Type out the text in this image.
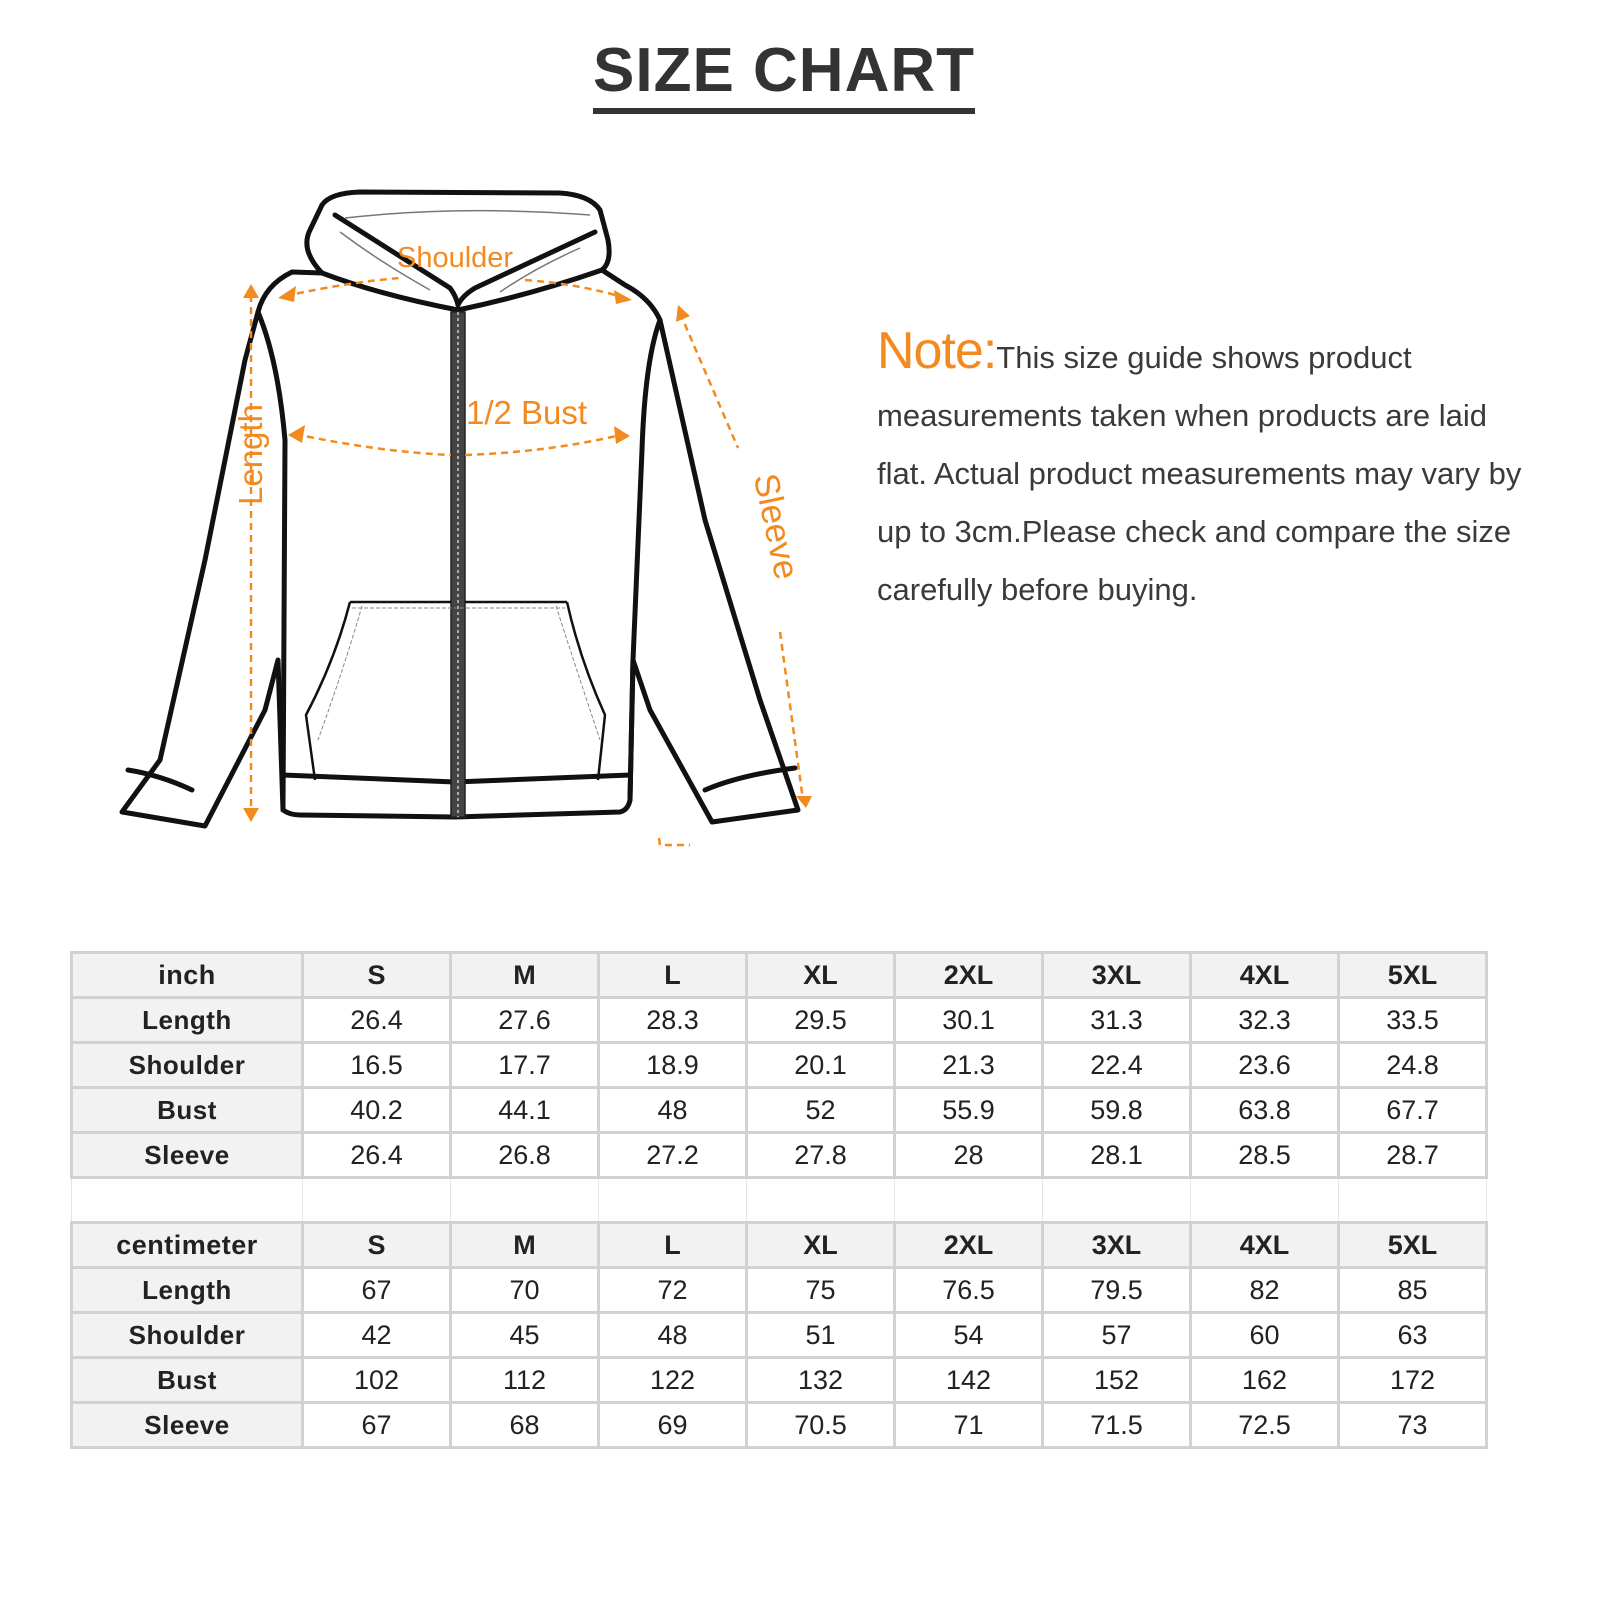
SIZE CHART
Shoulder
1/2 Bust
Length
Sleeve
Note:This size guide shows product measurements taken when products are laid flat. Actual product measurements may vary by up to 3cm.Please check and compare the size carefully before buying.
inch	S	M	L	XL	2XL	3XL	4XL	5XL
Length	26.4	27.6	28.3	29.5	30.1	31.3	32.3	33.5
Shoulder	16.5	17.7	18.9	20.1	21.3	22.4	23.6	24.8
Bust	40.2	44.1	48	52	55.9	59.8	63.8	67.7
Sleeve	26.4	26.8	27.2	27.8	28	28.1	28.5	28.7

centimeter	S	M	L	XL	2XL	3XL	4XL	5XL
Length	67	70	72	75	76.5	79.5	82	85
Shoulder	42	45	48	51	54	57	60	63
Bust	102	112	122	132	142	152	162	172
Sleeve	67	68	69	70.5	71	71.5	72.5	73
